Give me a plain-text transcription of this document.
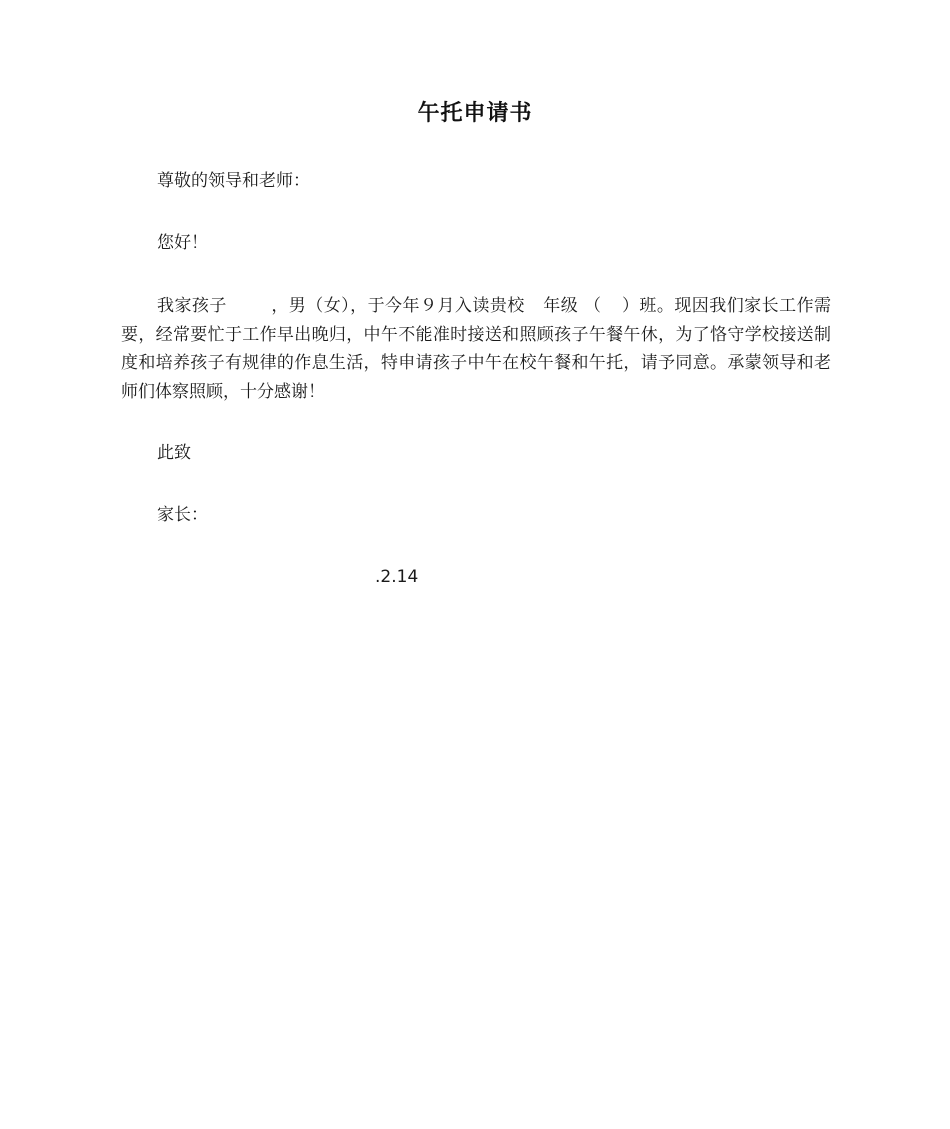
午托申请书
尊敬的领导和老师：
您好！
我家孩子	，男（女），于今年９月入读贵校 年级 （ ）班。现因我们家长工作需要，经常要忙于工作早出晚归，中午不能准时接送和照顾孩子午餐午休，为了恪守学校接送制度和培养孩子有规律的作息生活，特申请孩子中午在校午餐和午托，请予同意。承蒙领导和老师们体察照顾，十分感谢！
此致
家长：
.2.14
